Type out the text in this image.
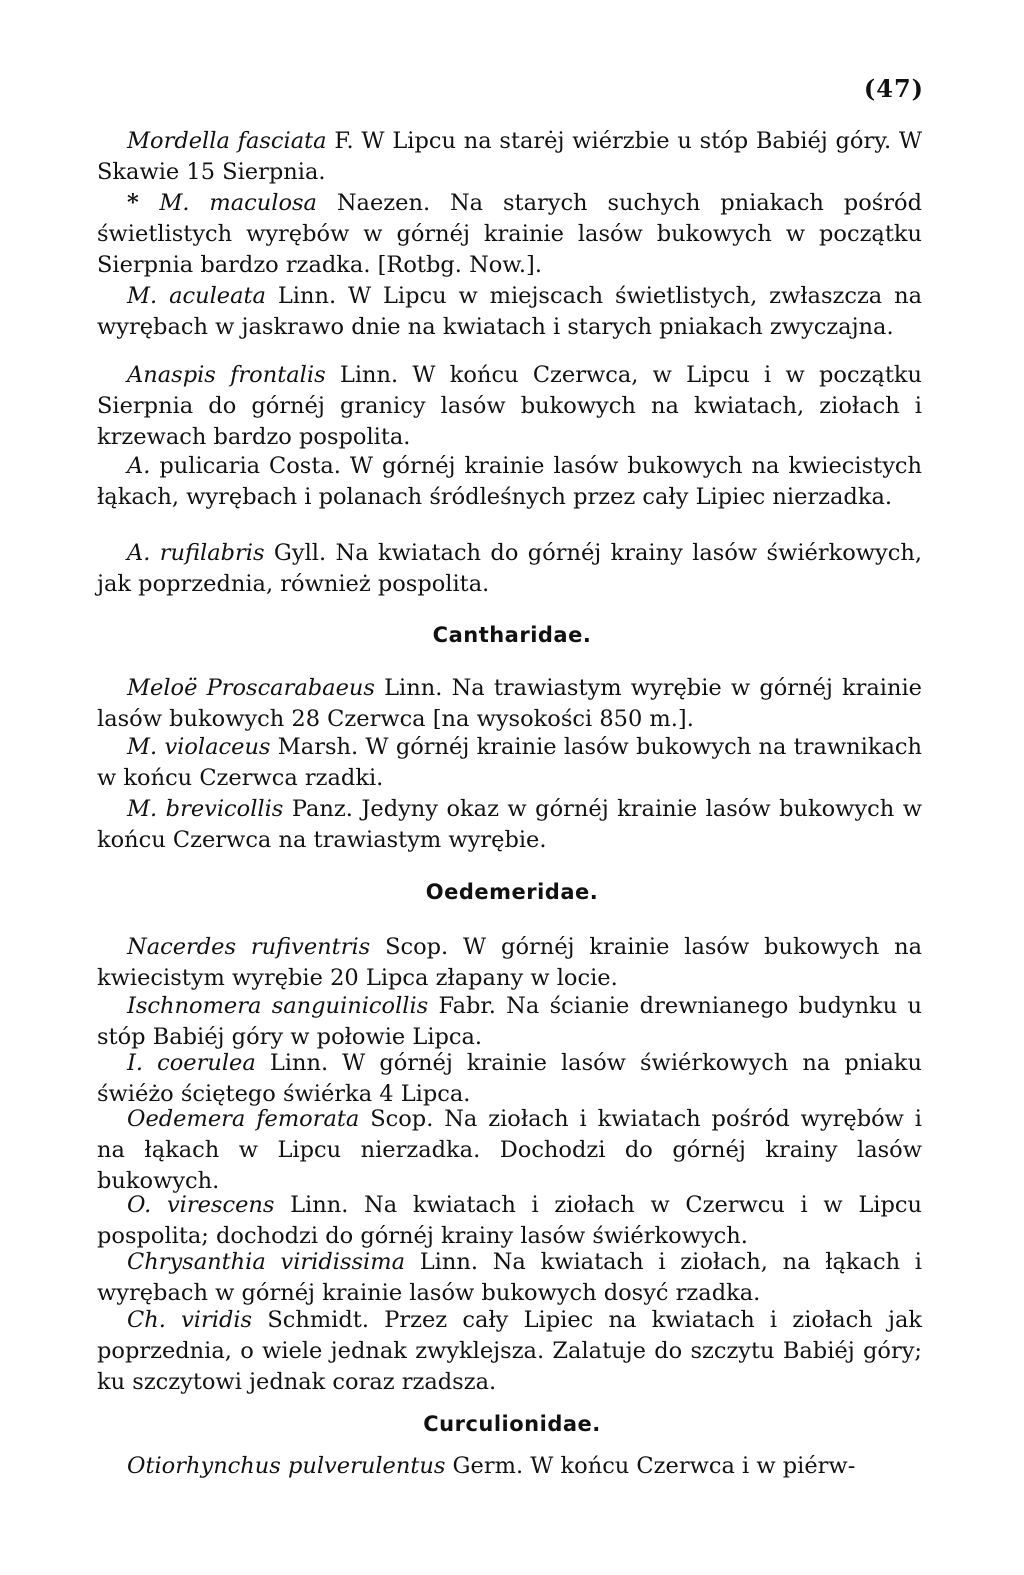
(47)
Mordella fasciata F. W Lipcu na starėj wiérzbie u stóp Babiéj góry. W Skawie 15 Sierpnia.
* M. maculosa Naezen. Na starych suchych pniakach pośród świetlistych wyrębów w górnéj krainie lasów bukowych w początku Sierpnia bardzo rzadka. [Rotbg. Now.].
M. aculeata Linn. W Lipcu w miejscach świetlistych, zwłaszcza na wyrębach w jaskrawo dnie na kwiatach i starych pniakach zwyczajna.
Anaspis frontalis Linn. W końcu Czerwca, w Lipcu i w początku Sierpnia do górnéj granicy lasów bukowych na kwiatach, ziołach i krzewach bardzo pospolita.
A. pulicaria Costa. W górnéj krainie lasów bukowych na kwiecistych łąkach, wyrębach i polanach śródleśnych przez cały Lipiec nierzadka.
A. rufilabris Gyll. Na kwiatach do górnéj krainy lasów świérkowych, jak poprzednia, również pospolita.
Cantharidae.
Meloë Proscarabaeus Linn. Na trawiastym wyrębie w górnéj krainie lasów bukowych 28 Czerwca [na wysokości 850 m.].
M. violaceus Marsh. W górnéj krainie lasów bukowych na trawnikach w końcu Czerwca rzadki.
M. brevicollis Panz. Jedyny okaz w górnéj krainie lasów bukowych w końcu Czerwca na trawiastym wyrębie.
Oedemeridae.
Nacerdes rufiventris Scop. W górnéj krainie lasów bukowych na kwiecistym wyrębie 20 Lipca złapany w locie.
Ischnomera sanguinicollis Fabr. Na ścianie drewnianego budynku u stóp Babiéj góry w połowie Lipca.
I. coerulea Linn. W górnéj krainie lasów świérkowych na pniaku świéżo ściętego świérka 4 Lipca.
Oedemera femorata Scop. Na ziołach i kwiatach pośród wyrębów i na łąkach w Lipcu nierzadka. Dochodzi do górnéj krainy lasów bukowych.
O. virescens Linn. Na kwiatach i ziołach w Czerwcu i w Lipcu pospolita; dochodzi do górnéj krainy lasów świérkowych.
Chrysanthia viridissima Linn. Na kwiatach i ziołach, na łąkach i wyrębach w górnéj krainie lasów bukowych dosyć rzadka.
Ch. viridis Schmidt. Przez cały Lipiec na kwiatach i ziołach jak poprzednia, o wiele jednak zwyklejsza. Zalatuje do szczytu Babiéj góry; ku szczytowi jednak coraz rzadsza.
Curculionidae.
Otiorhynchus pulverulentus Germ. W końcu Czerwca i w piérw-
